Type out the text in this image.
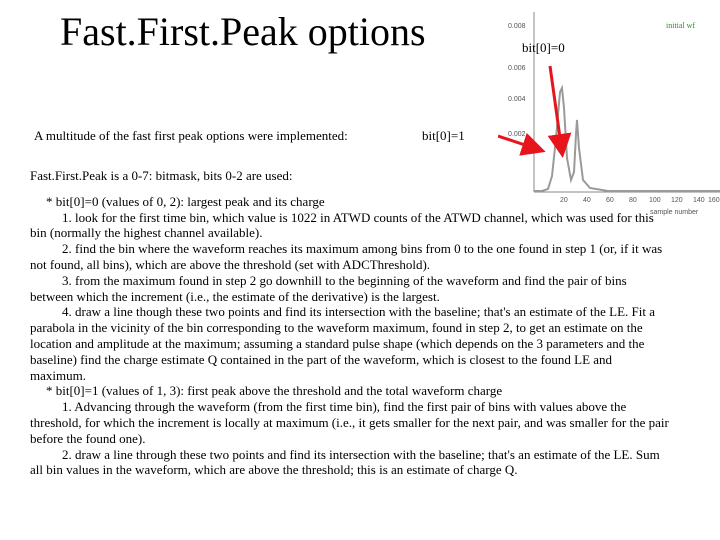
Fast.First.Peak options	0.008
0.006
0.004
0.002
20 40 60 80 100 120 140 160
sample number
initial wf
bit[0]=0
A multitude of the fast first peak options were implemented:	bit[0]=1

Fast.First.Peak is a 0-7: bitmask, bits 0-2 are used:

* bit[0]=0 (values of 0, 2): largest peak and its charge

1. look for the first time bin, which value is 1022 in ATWD counts of the ATWD channel, which was used for this bin (normally the highest channel available).

2. find the bin where the waveform reaches its maximum among bins from 0 to the one found in step 1 (or, if it was not found, all bins), which are above the threshold (set with ADCThreshold).

3. from the maximum found in step 2 go downhill to the beginning of the waveform and find the pair of bins between which the increment (i.e., the estimate of the derivative) is the largest.

4. draw a line though these two points and find its intersection with the baseline; that's an estimate of the LE. Fit a parabola in the vicinity of the bin corresponding to the waveform maximum, found in step 2, to get an estimate on the location and amplitude at the maximum; assuming a standard pulse shape (which depends on the 3 parameters and the baseline) find the charge estimate Q contained in the part of the waveform, which is closest to the found LE and maximum.

* bit[0]=1 (values of 1, 3): first peak above the threshold and the total waveform charge

1. Advancing through the waveform (from the first time bin), find the first pair of bins with values above the threshold, for which the increment is locally at maximum (i.e., it gets smaller for the next pair, and was smaller for the pair before the found one).

2. draw a line through these two points and find its intersection with the baseline; that's an estimate of the LE. Sum all bin values in the waveform, which are above the threshold; this is an estimate of charge Q.
